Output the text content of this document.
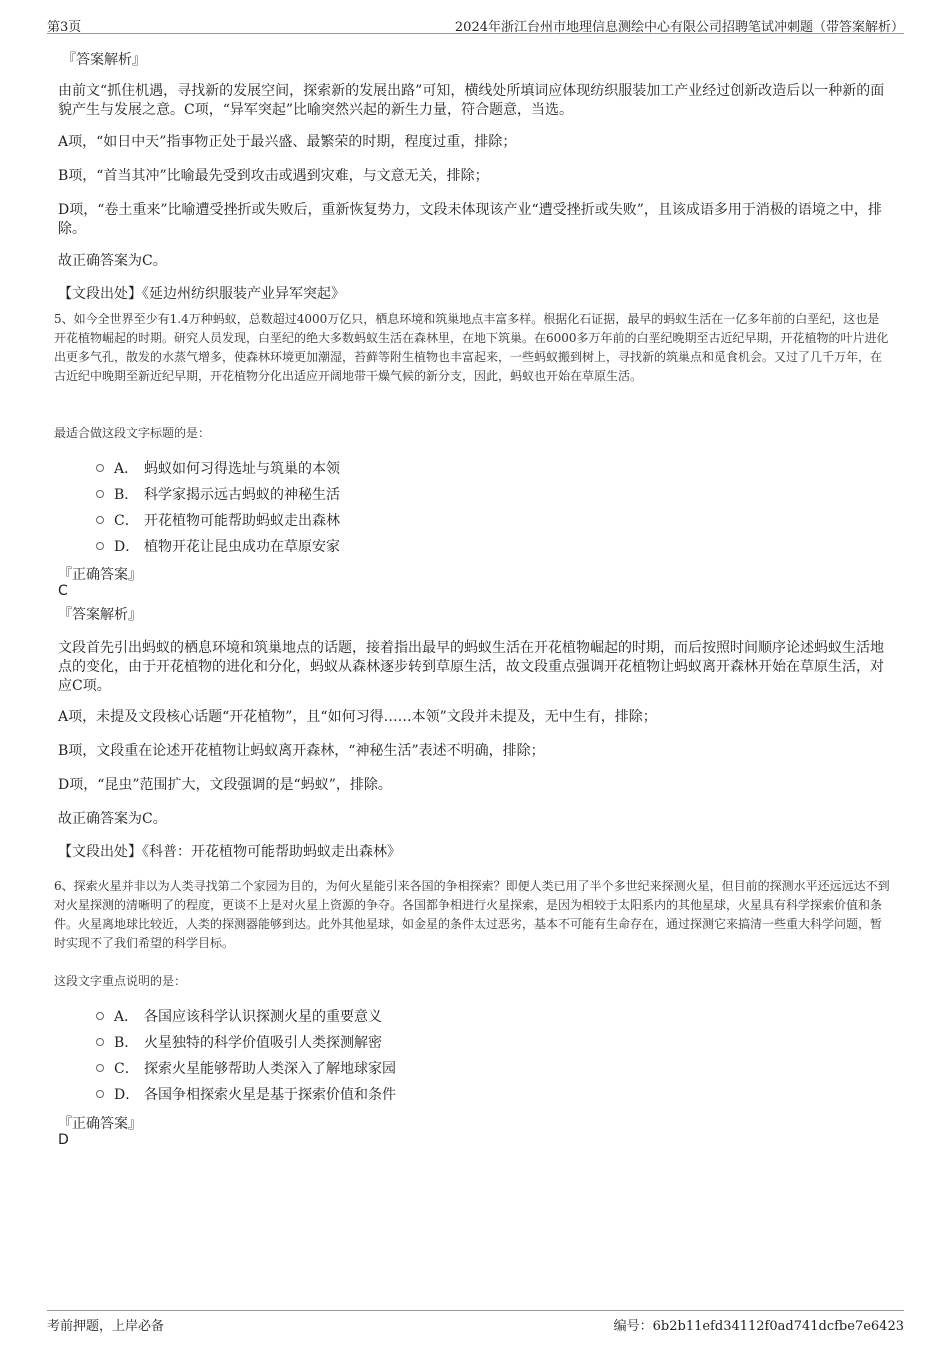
第3页	2024年浙江台州市地理信息测绘中心有限公司招聘笔试冲刺题（带答案解析）
『答案解析』
由前文“抓住机遇，寻找新的发展空间，探索新的发展出路”可知，横线处所填词应体现纺织服装加工产业经过创新改造后以一种新的面貌产生与发展之意。C项，“异军突起”比喻突然兴起的新生力量，符合题意，当选。
A项，“如日中天”指事物正处于最兴盛、最繁荣的时期，程度过重，排除；
B项，“首当其冲”比喻最先受到攻击或遇到灾难，与文意无关，排除；
D项，“卷土重来”比喻遭受挫折或失败后，重新恢复势力，文段未体现该产业“遭受挫折或失败”，且该成语多用于消极的语境之中，排除。
故正确答案为C。
【文段出处】《延边州纺织服装产业异军突起》
5、如今全世界至少有1.4万种蚂蚁，总数超过4000万亿只，栖息环境和筑巢地点丰富多样。根据化石证据，最早的蚂蚁生活在一亿多年前的白垩纪，这也是开花植物崛起的时期。研究人员发现，白垩纪的绝大多数蚂蚁生活在森林里，在地下筑巢。在6000多万年前的白垩纪晚期至古近纪早期，开花植物的叶片进化出更多气孔，散发的水蒸气增多，使森林环境更加潮湿，苔藓等附生植物也丰富起来，一些蚂蚁搬到树上，寻找新的筑巢点和觅食机会。又过了几千万年，在古近纪中晚期至新近纪早期，开花植物分化出适应开阔地带干燥气候的新分支，因此，蚂蚁也开始在草原生活。
最适合做这段文字标题的是：
A． 蚂蚁如何习得选址与筑巢的本领
B． 科学家揭示远古蚂蚁的神秘生活
C． 开花植物可能帮助蚂蚁走出森林
D． 植物开花让昆虫成功在草原安家
『正确答案』
C
『答案解析』
文段首先引出蚂蚁的栖息环境和筑巢地点的话题，接着指出最早的蚂蚁生活在开花植物崛起的时期，而后按照时间顺序论述蚂蚁生活地点的变化，由于开花植物的进化和分化，蚂蚁从森林逐步转到草原生活，故文段重点强调开花植物让蚂蚁离开森林开始在草原生活，对应C项。
A项，未提及文段核心话题“开花植物”，且“如何习得……本领”文段并未提及，无中生有，排除；
B项，文段重在论述开花植物让蚂蚁离开森林，“神秘生活”表述不明确，排除；
D项，“昆虫”范围扩大，文段强调的是“蚂蚁”，排除。
故正确答案为C。
【文段出处】《科普：开花植物可能帮助蚂蚁走出森林》
6、探索火星并非以为人类寻找第二个家园为目的，为何火星能引来各国的争相探索？即便人类已用了半个多世纪来探测火星，但目前的探测水平还远远达不到对火星探测的清晰明了的程度，更谈不上是对火星上资源的争夺。各国都争相进行火星探索，是因为相较于太阳系内的其他星球，火星具有科学探索价值和条件。火星离地球比较近，人类的探测器能够到达。此外其他星球，如金星的条件太过恶劣，基本不可能有生命存在，通过探测它来搞清一些重大科学问题，暂时实现不了我们希望的科学目标。
这段文字重点说明的是：
A． 各国应该科学认识探测火星的重要意义
B． 火星独特的科学价值吸引人类探测解密
C． 探索火星能够帮助人类深入了解地球家园
D． 各国争相探索火星是基于探索价值和条件
『正确答案』
D
考前押题，上岸必备	编号：6b2b11efd34112f0ad741dcfbe7e6423
